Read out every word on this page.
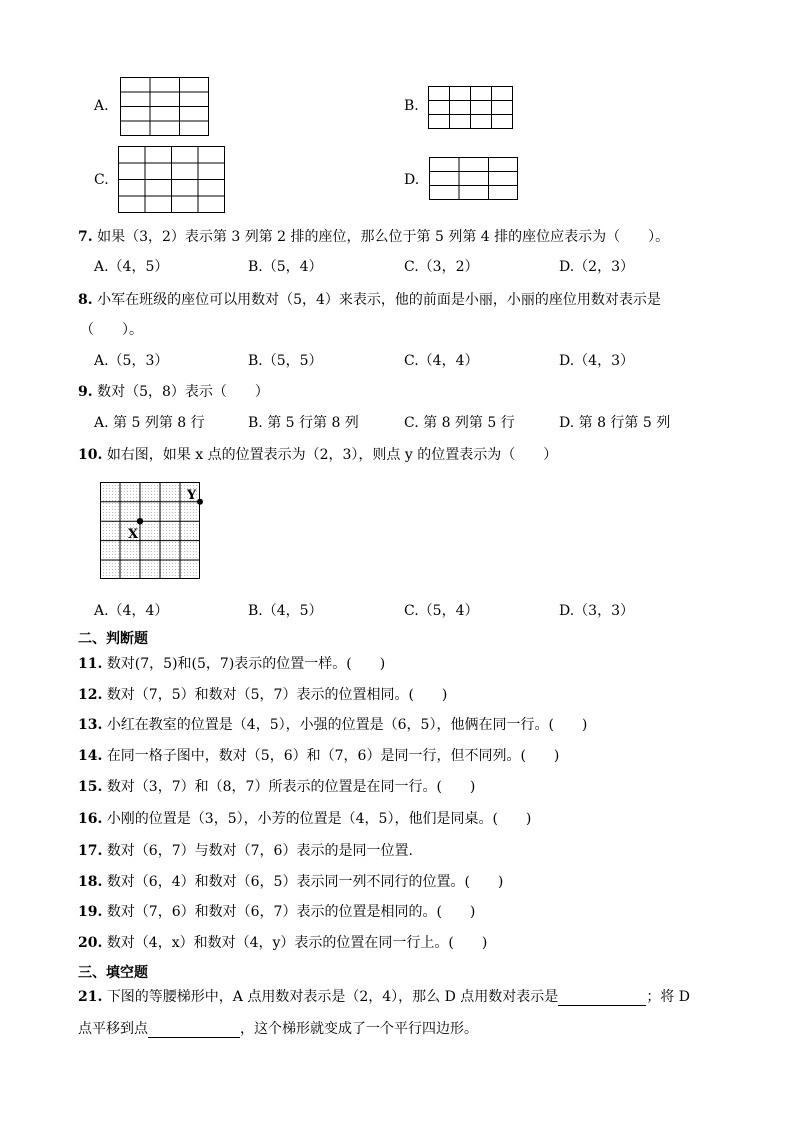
A.	B.
C.	D.
7. 如果（3，2）表示第 3 列第 2 排的座位，那么位于第 5 列第 4 排的座位应表示为（　　）。
A.（4，5）	B.（5，4）	C.（3，2）	D.（2，3）
8. 小军在班级的座位可以用数对（5，4）来表示，他的前面是小丽，小丽的座位用数对表示是
（　　）。
A.（5，3）	B.（5，5）	C.（4，4）	D.（4，3）
9. 数对（5，8）表示（　　）
A. 第 5 列第 8 行	B. 第 5 行第 8 列	C. 第 8 列第 5 行	D. 第 8 行第 5 列
10. 如右图，如果 x 点的位置表示为（2，3），则点 y 的位置表示为（　　）
X
Y
A.（4，4）	B.（4，5）	C.（5，4）	D.（3，3）
二、判断题
11. 数对(7，5)和(5，7)表示的位置一样。(　　)
12. 数对（7，5）和数对（5，7）表示的位置相同。(　　)
13. 小红在教室的位置是（4，5），小强的位置是（6，5），他俩在同一行。(　　)
14. 在同一格子图中，数对（5，6）和（7，6）是同一行，但不同列。(　　)
15. 数对（3，7）和（8，7）所表示的位置是在同一行。(　　)
16. 小刚的位置是（3，5），小芳的位置是（4，5），他们是同桌。(　　)
17. 数对（6，7）与数对（7，6）表示的是同一位置.
18. 数对（6，4）和数对（6，5）表示同一列不同行的位置。(　　)
19. 数对（7，6）和数对（6，7）表示的位置是相同的。(　　)
20. 数对（4，x）和数对（4，y）表示的位置在同一行上。(　　)
三、填空题
21. 下图的等腰梯形中，A 点用数对表示是（2，4），那么 D 点用数对表示是	；将 D
点平移到点	，这个梯形就变成了一个平行四边形。
